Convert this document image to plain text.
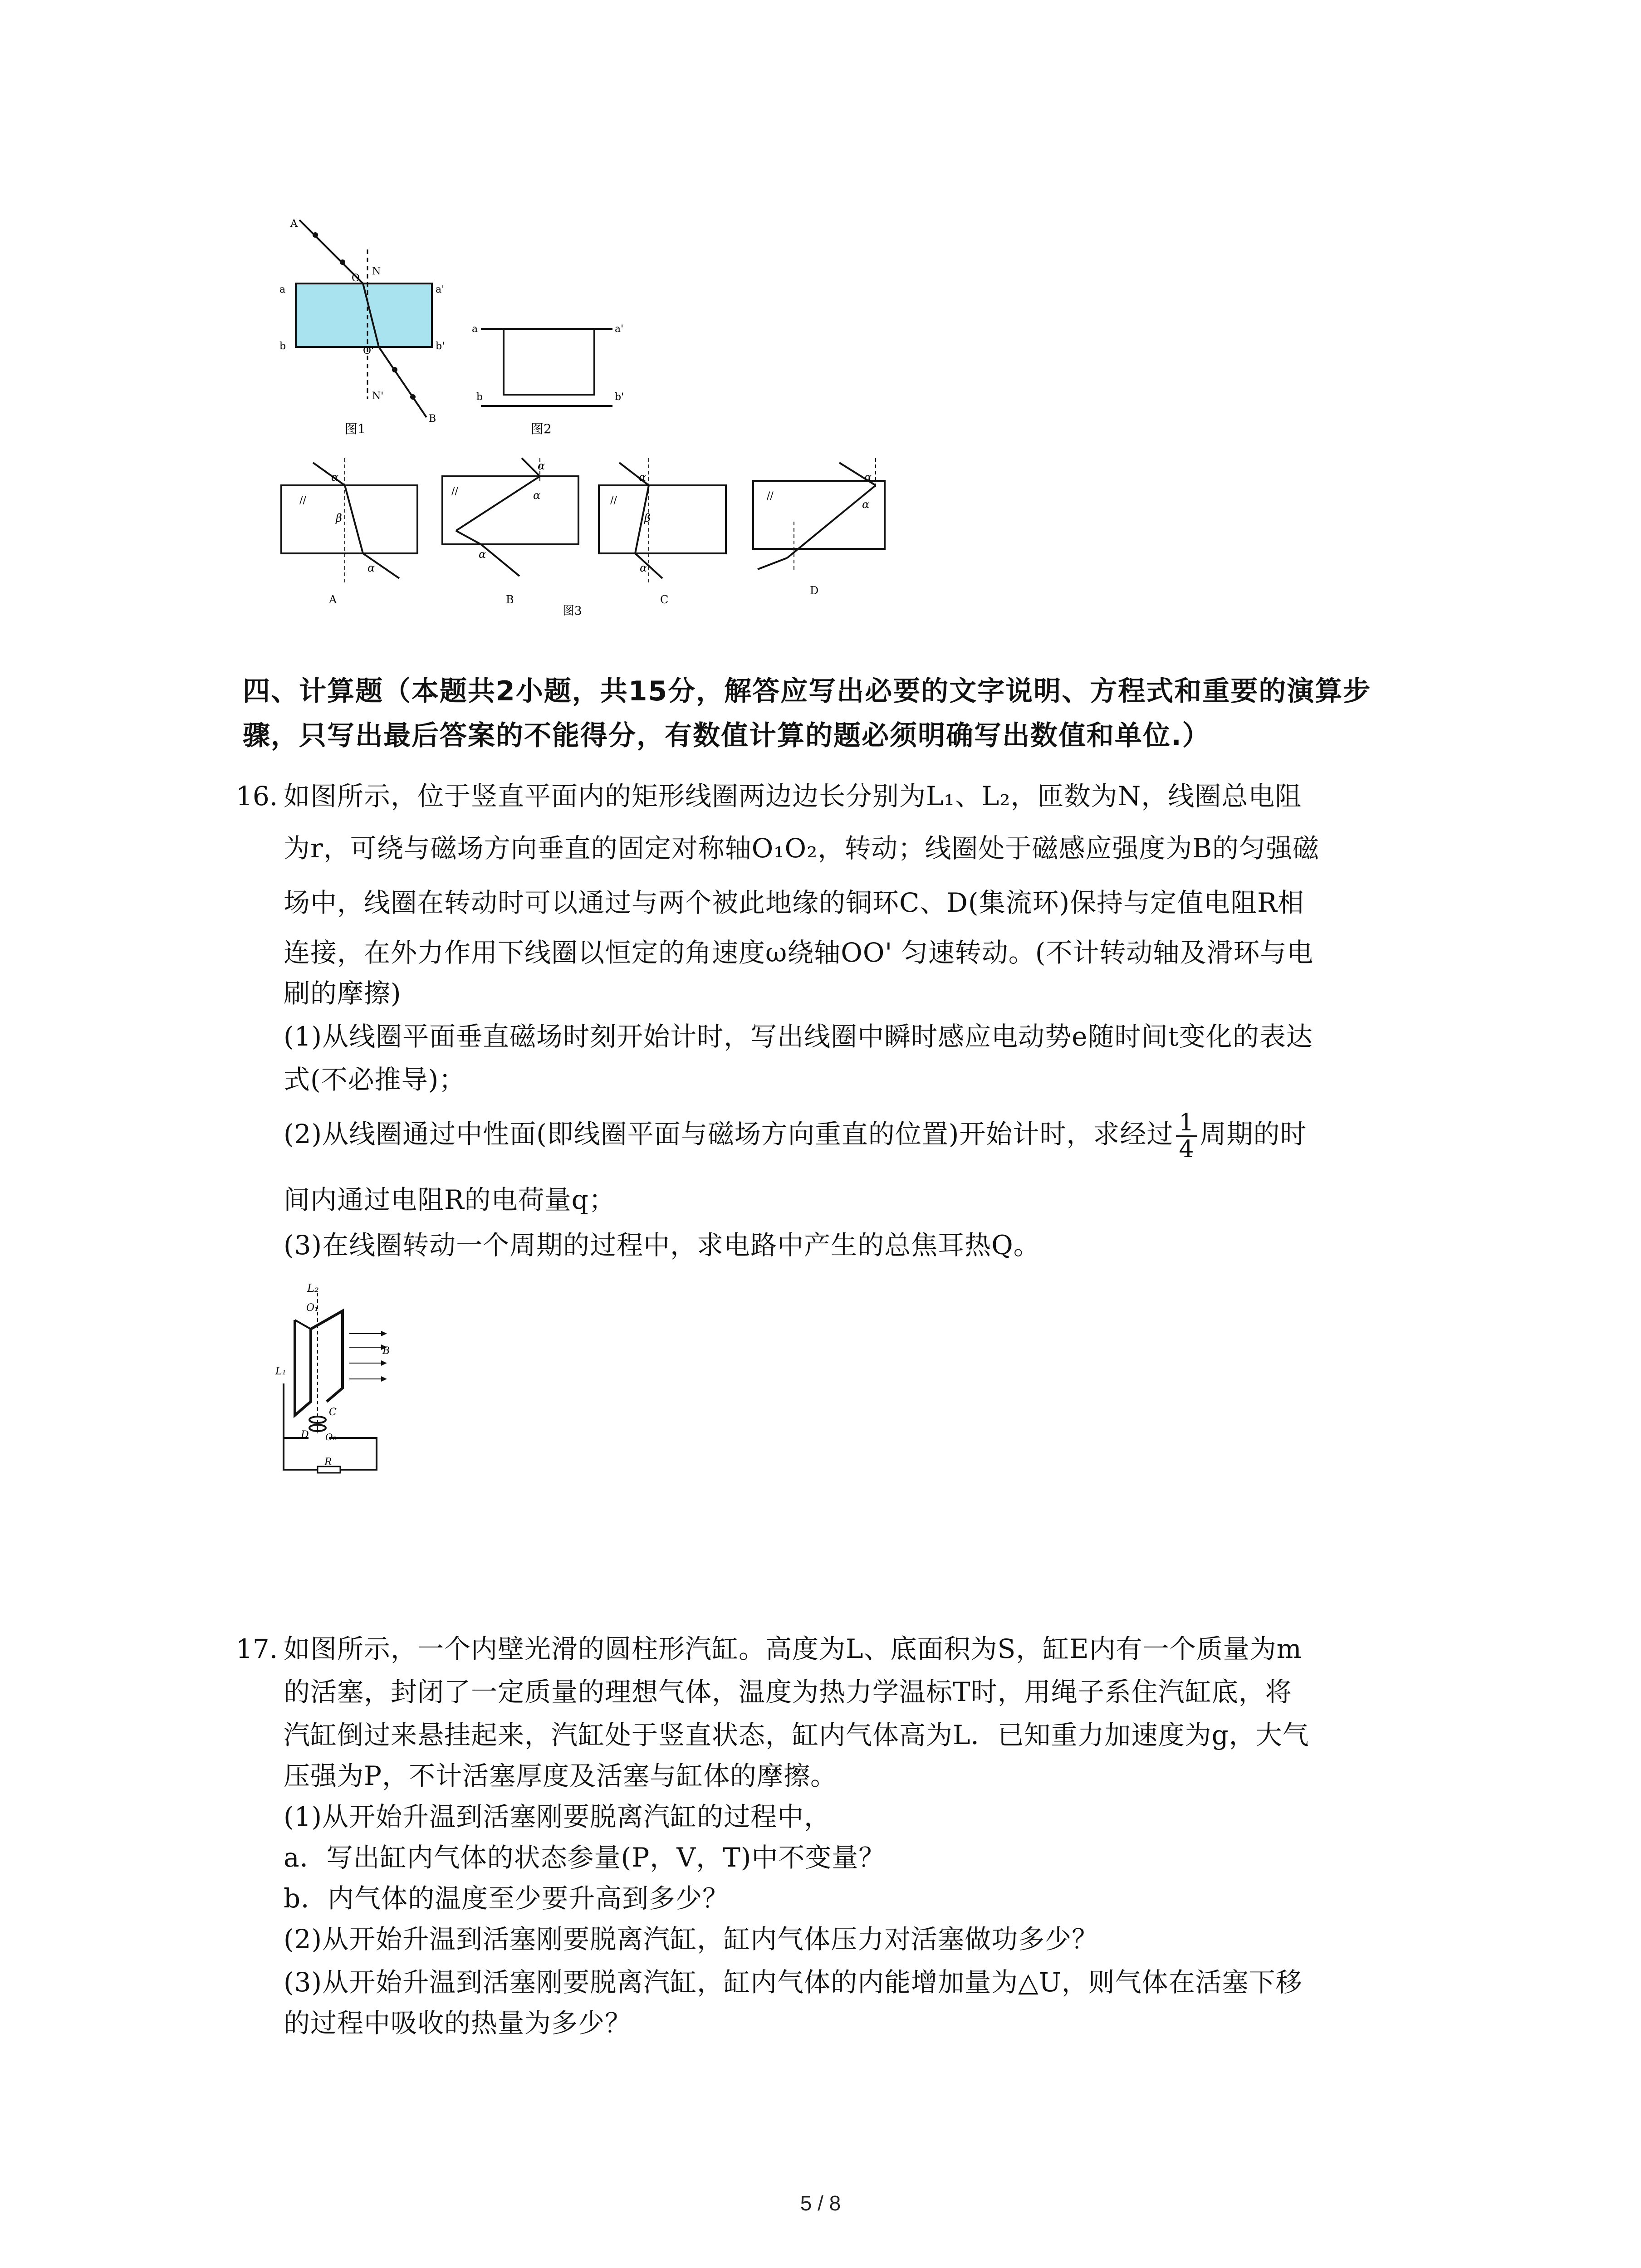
A
a
b
a'
b'
N
N'
O
O'
B
图1
a	a'
b	b'
图2
α
β
α
//
A
α
α
α
//
B
α
β
α
//
C
α
α
//
D
图3
四、计算题（本题共2小题，共15分，解答应写出必要的文字说明、方程式和重要的演算步
骤，只写出最后答案的不能得分，有数值计算的题必须明确写出数值和单位.）
16. 如图所示，位于竖直平面内的矩形线圈两边边长分别为L₁、L₂，匝数为N，线圈总电阻
为r，可绕与磁场方向垂直的固定对称轴O₁O₂，转动；线圈处于磁感应强度为B的匀强磁
场中，线圈在转动时可以通过与两个被此地缘的铜环C、D(集流环)保持与定值电阻R相
连接，在外力作用下线圈以恒定的角速度ω绕轴OO' 匀速转动。(不计转动轴及滑环与电
刷的摩擦)
(1)从线圈平面垂直磁场时刻开始计时，写出线圈中瞬时感应电动势e随时间t变化的表达
式(不必推导)；
(2)从线圈通过中性面(即线圈平面与磁场方向重直的位置)开始计时，求经过 $\frac{1}{4}$ 周期的时
间内通过电阻R的电荷量q；
(3)在线圈转动一个周期的过程中，求电路中产生的总焦耳热Q。
L₂
O₁
L₁
C
D O₂
R
B
17. 如图所示，一个内壁光滑的圆柱形汽缸。高度为L、底面积为S，缸E内有一个质量为m
的活塞，封闭了一定质量的理想气体，温度为热力学温标T时，用绳子系住汽缸底，将
汽缸倒过来悬挂起来，汽缸处于竖直状态，缸内气体高为L．已知重力加速度为g，大气
压强为P，不计活塞厚度及活塞与缸体的摩擦。
(1)从开始升温到活塞刚要脱离汽缸的过程中，
a．写出缸内气体的状态参量(P，V，T)中不变量？
b．内气体的温度至少要升高到多少？
(2)从开始升温到活塞刚要脱离汽缸，缸内气体压力对活塞做功多少？
(3)从开始升温到活塞刚要脱离汽缸，缸内气体的内能增加量为△U，则气体在活塞下移
的过程中吸收的热量为多少？
5 / 8
